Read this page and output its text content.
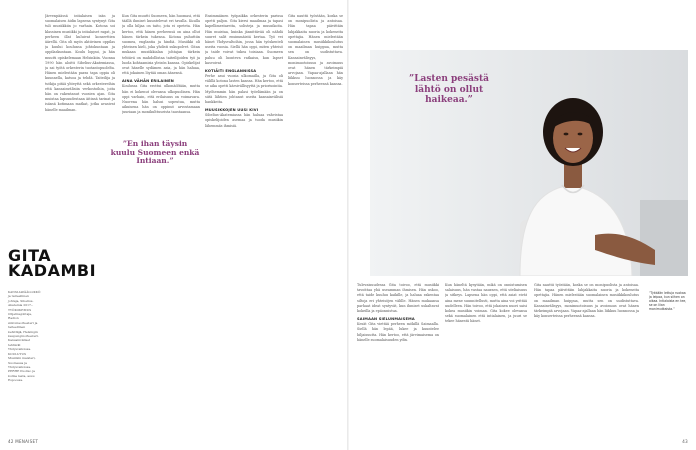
KANSLIAPÄÄLLIKKÖ ja taiteellinen johtaja, Sibelius-Akatemia 2017–. TYÖKOKEMUS Ohjelmajohtaja, Radion sinfoniaorkesteri ja taiteellinen kehittäjä, Helsingin kaupunginorkesteri. Kansainväliset tehtävät Yhdysvalloissa. KOULUTUS Musiikin maisteri, Suomessa ja Yhdysvalloissa. PERHE Puoliso ja kolme lasta, asuu Espoossa.

GITA
KADAMBI

Järvenpäässä intialaisen isän ja suomalaisen äidin lapsena syntynyt Gita tuli musiikkiin jo varhain. Kotona soi klassinen musiikki ja intialaiset ragat, ja perheen illat kuluivat konserttien äärellä. Gita oli myös aktiivinen oppilas ja kuului koulunsa johtokuntaan ja oppilaskuntaan. Koulu loppui, ja hän muutti opiskelemaan Helsinkiin. Vuonna 1990 hän aloitti Sibelius-Akatemiassa, ja sai työtä orkesterin tuotantopuolelta. Hänen mielestään paras tapa oppia oli kuunnella, katsoa ja tehdä. Taiteilija ja tutkija pitää yhteyttä sekä orkestereihin että kansainvälisiin verkostoihin, joita hän on rakentanut vuosien ajan. Gita muistaa lapsuudestaan äitinsä tarinat ja isänsä kotimaan matkat, jotka avasivat hänelle maailman.

Kun Gita muutti Suomeen, hän huomasi, että täällä ihmiset kuuntelevat eri tavalla. Kuulla ja olla hiljaa on taito, jota ei opeteta. Hän kertoo, että hänen perheensä on aina ollut hänen tärkein tukensa. Kotona puhuttiin suomea, englantia ja hindiä. Musiikki oli yhteinen kieli, joka yhdisti sukupolvet. Gitan mukaan musiikkialan johtajan tärkein tehtävä on mahdollistaa taiteilijoiden työ ja luoda kohtaamisia yleisön kanssa. Opiskelijat ovat hänelle sydämen asia, ja hän haluaa, että jokainen löytää oman äänensä.

AINA VÄHÄN ERILAINEN

Koulussa Gita erottui ulkonäöltään, mutta hän ei kokenut olevansa ulkopuolinen. Hän oppi varhain, että erilaisuus on voimavara. Nuorena hän halusi sopeutua, mutta aikuisena hän on oppinut arvostamaan juuriaan ja monikulttuurista taustaansa.

”En ihan täysin kuulu Suomeen enkä Intiaan.”

Ensimmäinen työpaikka orkesterin parissa opetti paljon. Gita kiersi maailmaa ja tapasi kapellimestareita, solisteja ja muusikoita. Hän muistaa, kuinka jännittävää oli nähdä suuret salit ensimmäistä kertaa. Työ vei hänet Yhdysvaltoihin, jossa hän työskenteli useita vuosia. Siellä hän oppi, miten yhteisö ja taide voivat tukea toisiaan. Suomeen paluu oli luonteva ratkaisu, kun lapset kasvoivat.

KOTIÄITI ENGLANNISSA

Perhe asui vuosia ulkomailla, ja Gita oli välillä kotona lasten kanssa. Hän kertoo, että se aika opetti kärsivällisyyttä ja priorisointia. Myöhemmin hän palasi työelämään ja on siitä lähtien johtanut useita kansainvälisiä hankkeita.

MUUSIKKOJEN UUSI KIVI

Sibelius-Akatemiassa hän haluaa vahvistaa opiskelijoiden asemaa ja tuoda musiikin lähemmäs ihmisiä.

Gita nauttii työstään, koska se on monipuolista ja antoisaa. Hän tapaa päivittäin lahjakkaita nuoria ja kokeneita opettajia. Hänen mielestään suomalainen musiikkikoulutus on maailman huippua, mutta sen on uudistuttava. Kansainvälisyys, monimuotoisuus ja avoimuus ovat hänen tärkeimpiä arvojaan. Vapaa-ajallaan hän liikkuu luonnossa ja käy konserteissa perheensä kanssa.

42 MENAISET
”Lasten pesästä lähtö on ollut haikeaa.”
”Tykkään lettuja ruokaa ja leipoa, kun siihen on aikaa. Intialaista en tee, se on liian monimutkaista.”

Tulevaisuudessa Gita toivoo, että musiikki tavoittaa yhä useamman ihmisen. Hän uskoo, että taide kuuluu kaikille, ja haluaa rakentaa siltoja eri yhteisöjen välille. Hänen mukaansa parhaat ideat syntyvät, kun ihmiset uskaltavat kokeilla ja epäonnistua.

SAIMAAN SIELUNMAISEMA

Kesät Gita viettää perheen mökillä Saimaalla. Siellä hän lepää, lukee ja kuuntelee hiljaisuutta. Hän kertoo, että järvimaisema on hänelle suomalaisuuden ydin.

Kun häneltä kysytään, mikä on onnistumisen salaisuus, hän vastaa nauraen, että uteliaisuus ja sitkeys. Lapsena hän oppi, että asiat eivät aina mene suunnitellusti, mutta aina voi yrittää uudelleen. Hän toivoo, että jokainen nuori saisi kokea musiikin voiman. Gita kokee olevansa sekä suomalainen että intialainen, ja juuri se tekee hänestä hänet.

Gita nauttii työstään, koska se on monipuolista ja antoisaa. Hän tapaa päivittäin lahjakkaita nuoria ja kokeneita opettajia. Hänen mielestään suomalainen musiikkikoulutus on maailman huippua, mutta sen on uudistuttava. Kansainvälisyys, monimuotoisuus ja avoimuus ovat hänen tärkeimpiä arvojaan. Vapaa-ajallaan hän liikkuu luonnossa ja käy konserteissa perheensä kanssa.

43
